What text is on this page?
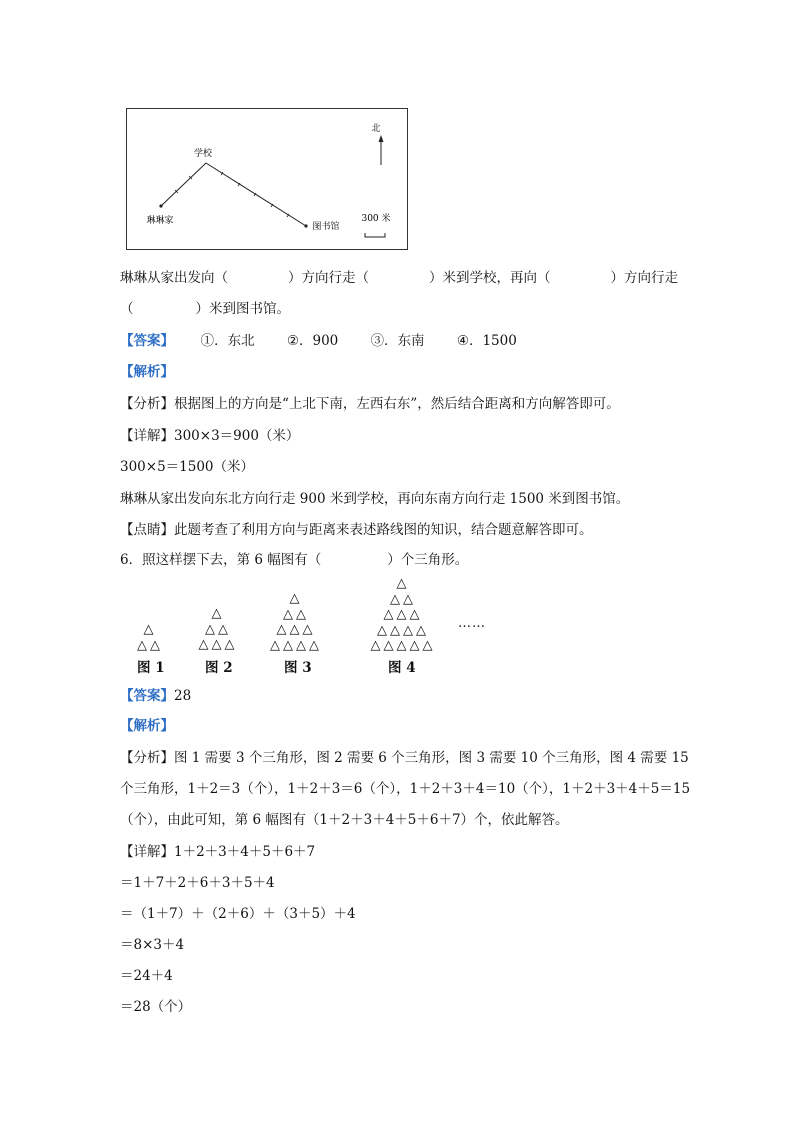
北
学校
琳琳家
图书馆
300 米
琳琳从家出发向（	）方向行走（	）米到学校，再向（	）方向行走
（	）米到图书馆。
【答案】 ①．东北 ②．900 ③．东南 ④．1500
【解析】
【分析】根据图上的方向是“上北下南，左西右东”，然后结合距离和方向解答即可。
【详解】300×3＝900（米）
300×5＝1500（米）
琳琳从家出发向东北方向行走 900 米到学校，再向东南方向行走 1500 米到图书馆。
【点睛】此题考查了利用方向与距离来表述路线图的知识，结合题意解答即可。
6．照这样摆下去，第 6 幅图有（	）个三角形。
△
△△
△
△△
△△△
△
△△
△△△
△△△△
△
△△
△△△
△△△△
△△△△△
……
图 1	图 2	图 3	图 4
【答案】28
【解析】
【分析】图 1 需要 3 个三角形，图 2 需要 6 个三角形，图 3 需要 10 个三角形，图 4 需要 15
个三角形，1＋2＝3（个），1＋2＋3＝6（个），1＋2＋3＋4＝10（个），1＋2＋3＋4＋5＝15
（个），由此可知，第 6 幅图有（1＋2＋3＋4＋5＋6＋7）个，依此解答。
【详解】1＋2＋3＋4＋5＋6＋7
＝1＋7＋2＋6＋3＋5＋4
＝（1＋7）＋（2＋6）＋（3＋5）＋4
＝8×3＋4
＝24＋4
＝28（个）
